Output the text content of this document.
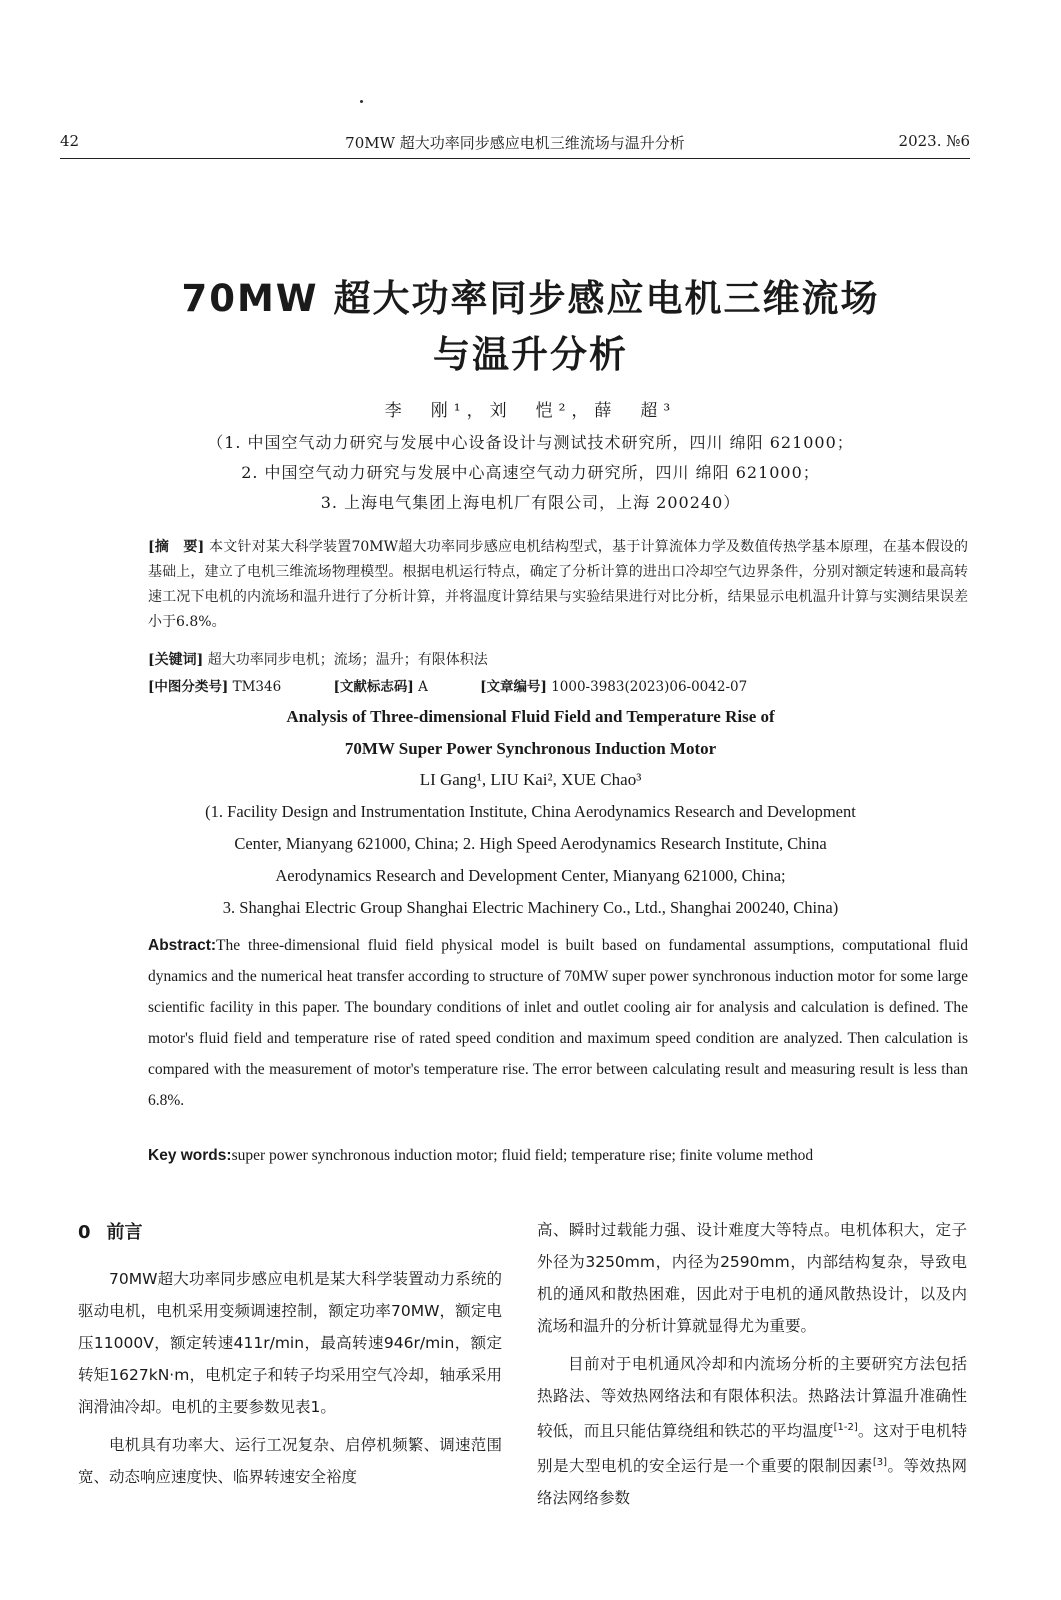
42	70MW 超大功率同步感应电机三维流场与温升分析	2023. №6
70MW 超大功率同步感应电机三维流场
与温升分析
李　刚¹，刘　恺²，薛　超³
（1. 中国空气动力研究与发展中心设备设计与测试技术研究所，四川 绵阳 621000；
2. 中国空气动力研究与发展中心高速空气动力研究所，四川 绵阳 621000；
3. 上海电气集团上海电机厂有限公司，上海 200240）
[摘　要] 本文针对某大科学装置70MW超大功率同步感应电机结构型式，基于计算流体力学及数值传热学基本原理，在基本假设的基础上，建立了电机三维流场物理模型。根据电机运行特点，确定了分析计算的进出口冷却空气边界条件，分别对额定转速和最高转速工况下电机的内流场和温升进行了分析计算，并将温度计算结果与实验结果进行对比分析，结果显示电机温升计算与实测结果误差小于6.8%。
[关键词] 超大功率同步电机；流场；温升；有限体积法
[中图分类号] TM346	[文献标志码] A	[文章编号] 1000-3983(2023)06-0042-07
Analysis of Three-dimensional Fluid Field and Temperature Rise of
70MW Super Power Synchronous Induction Motor
LI Gang¹, LIU Kai², XUE Chao³
(1. Facility Design and Instrumentation Institute, China Aerodynamics Research and Development
Center, Mianyang 621000, China; 2. High Speed Aerodynamics Research Institute, China
Aerodynamics Research and Development Center, Mianyang 621000, China;
3. Shanghai Electric Group Shanghai Electric Machinery Co., Ltd., Shanghai 200240, China)
Abstract:The three-dimensional fluid field physical model is built based on fundamental assumptions, computational fluid dynamics and the numerical heat transfer according to structure of 70MW super power synchronous induction motor for some large scientific facility in this paper. The boundary conditions of inlet and outlet cooling air for analysis and calculation is defined. The motor's fluid field and temperature rise of rated speed condition and maximum speed condition are analyzed. Then calculation is compared with the measurement of motor's temperature rise. The error between calculating result and measuring result is less than 6.8%.
Key words:super power synchronous induction motor; fluid field; temperature rise; finite volume method
0 前言

70MW超大功率同步感应电机是某大科学装置动力系统的驱动电机，电机采用变频调速控制，额定功率70MW，额定电压11000V，额定转速411r/min，最高转速946r/min，额定转矩1627kN·m，电机定子和转子均采用空气冷却，轴承采用润滑油冷却。电机的主要参数见表1。

电机具有功率大、运行工况复杂、启停机频繁、调速范围宽、动态响应速度快、临界转速安全裕度

高、瞬时过载能力强、设计难度大等特点。电机体积大，定子外径为3250mm，内径为2590mm，内部结构复杂，导致电机的通风和散热困难，因此对于电机的通风散热设计，以及内流场和温升的分析计算就显得尤为重要。

目前对于电机通风冷却和内流场分析的主要研究方法包括热路法、等效热网络法和有限体积法。热路法计算温升准确性较低，而且只能估算绕组和铁芯的平均温度[1-2]。这对于电机特别是大型电机的安全运行是一个重要的限制因素[3]。等效热网络法网络参数
